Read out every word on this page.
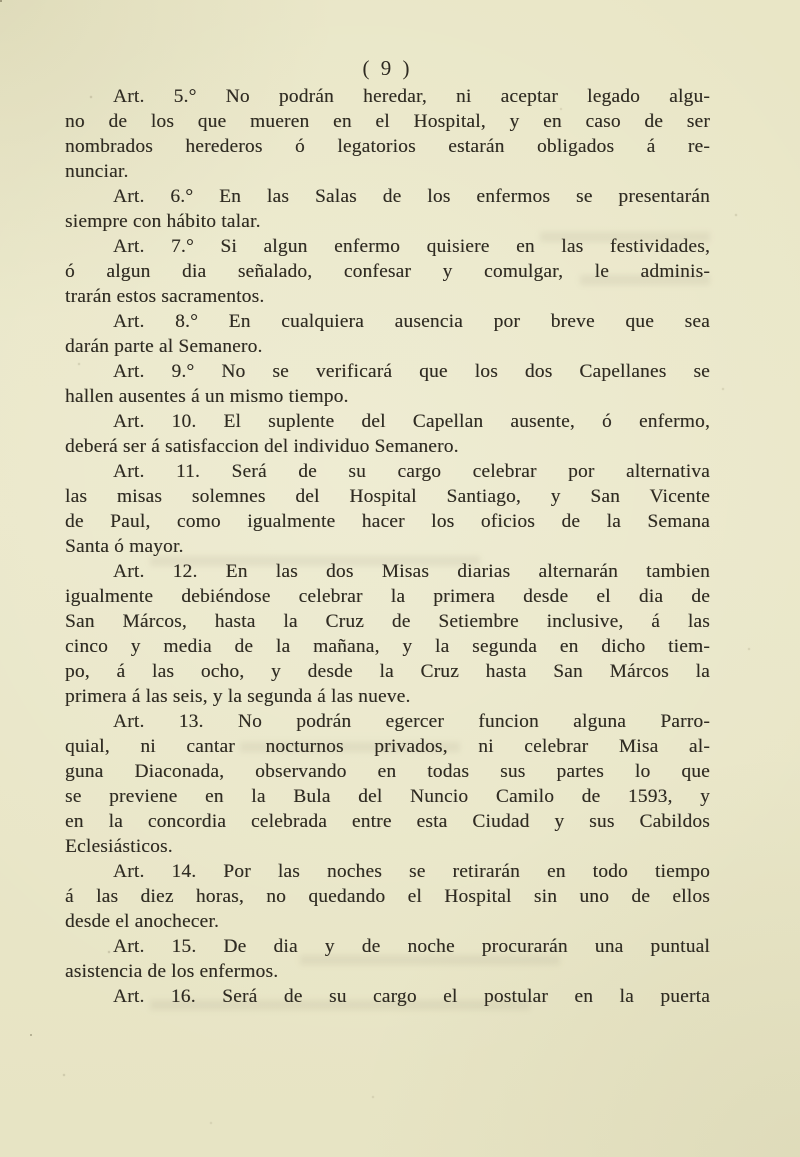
( 9 )
Art. 5.° No podrán heredar, ni aceptar legado algu-
no de los que mueren en el Hospital, y en caso de ser
nombrados herederos ó legatorios estarán obligados á re-
nunciar.
Art. 6.° En las Salas de los enfermos se presentarán
siempre con hábito talar.
Art. 7.° Si algun enfermo quisiere en las festividades,
ó algun dia señalado, confesar y comulgar, le adminis-
trarán estos sacramentos.
Art. 8.° En cualquiera ausencia por breve que sea
darán parte al Semanero.
Art. 9.° No se verificará que los dos Capellanes se
hallen ausentes á un mismo tiempo.
Art. 10. El suplente del Capellan ausente, ó enfermo,
deberá ser á satisfaccion del individuo Semanero.
Art. 11. Será de su cargo celebrar por alternativa
las misas solemnes del Hospital Santiago, y San Vicente
de Paul, como igualmente hacer los oficios de la Semana
Santa ó mayor.
Art. 12. En las dos Misas diarias alternarán tambien
igualmente debiéndose celebrar la primera desde el dia de
San Márcos, hasta la Cruz de Setiembre inclusive, á las
cinco y media de la mañana, y la segunda en dicho tiem-
po, á las ocho, y desde la Cruz hasta San Márcos la
primera á las seis, y la segunda á las nueve.
Art. 13. No podrán egercer funcion alguna Parro-
quial, ni cantar nocturnos privados, ni celebrar Misa al-
guna Diaconada, observando en todas sus partes lo que
se previene en la Bula del Nuncio Camilo de 1593, y
en la concordia celebrada entre esta Ciudad y sus Cabildos
Eclesiásticos.
Art. 14. Por las noches se retirarán en todo tiempo
á las diez horas, no quedando el Hospital sin uno de ellos
desde el anochecer.
Art. 15. De dia y de noche procurarán una puntual
asistencia de los enfermos.
Art. 16. Será de su cargo el postular en la puerta
